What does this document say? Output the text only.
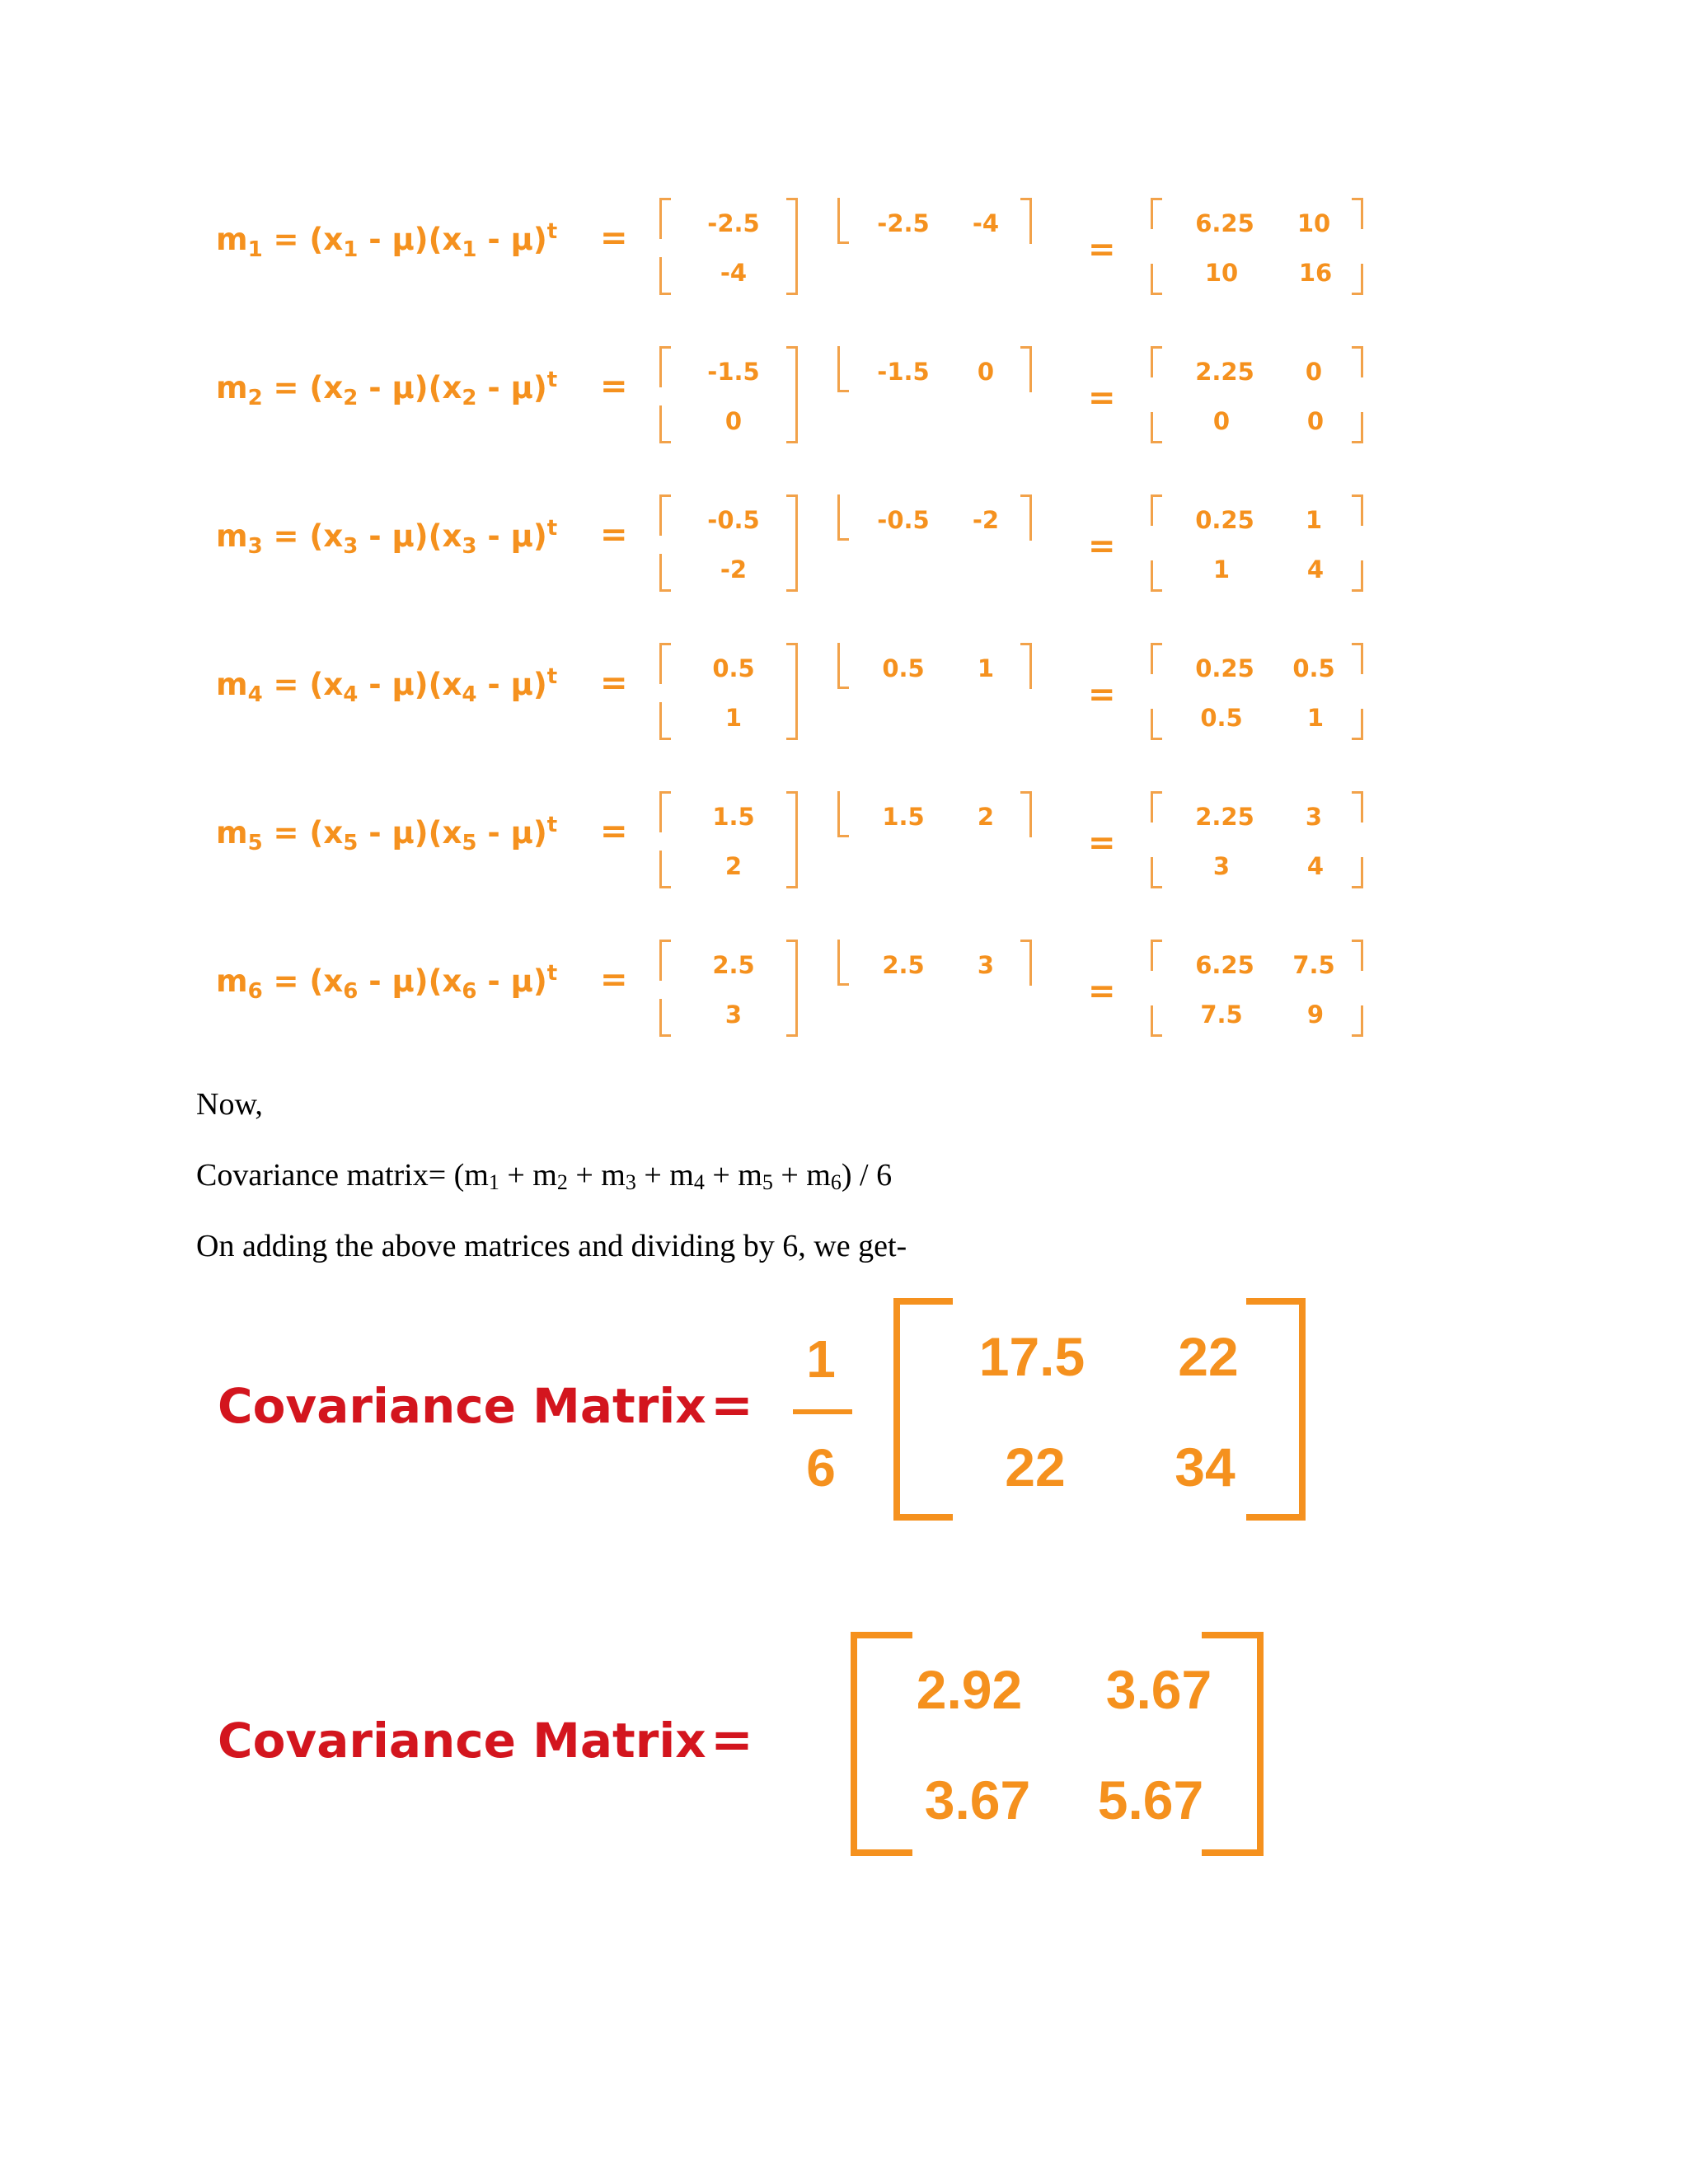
$m_1 = (x_1 - \mu)(x_1 - \mu)^t$ =	-2.5
-4
-2.5	-4
=
6.25	10
10	16
$m_2 = (x_2 - \mu)(x_2 - \mu)^t$ =	-1.5
0
-1.5	0
=
2.25	0
0	0
$m_3 = (x_3 - \mu)(x_3 - \mu)^t$ =	-0.5
-2
-0.5	-2
=
0.25	1
1	4
$m_4 = (x_4 - \mu)(x_4 - \mu)^t$ =	0.5
1
0.5	1
=
0.25	0.5
0.5	1
$m_5 = (x_5 - \mu)(x_5 - \mu)^t$ =	1.5
2
1.5	2
=
2.25	3
3	4
$m_6 = (x_6 - \mu)(x_6 - \mu)^t$ =	2.5
3
2.5	3
=
6.25	7.5
7.5	9
Now,
Covariance matrix= $(m_1 + m_2 + m_3 + m_4 + m_5 + m_6) / 6$
On adding the above matrices and dividing by 6, we get-
Covariance Matrix =
1
6
17.5	22
22	34
Covariance Matrix =
2.92	3.67
3.67	5.67
